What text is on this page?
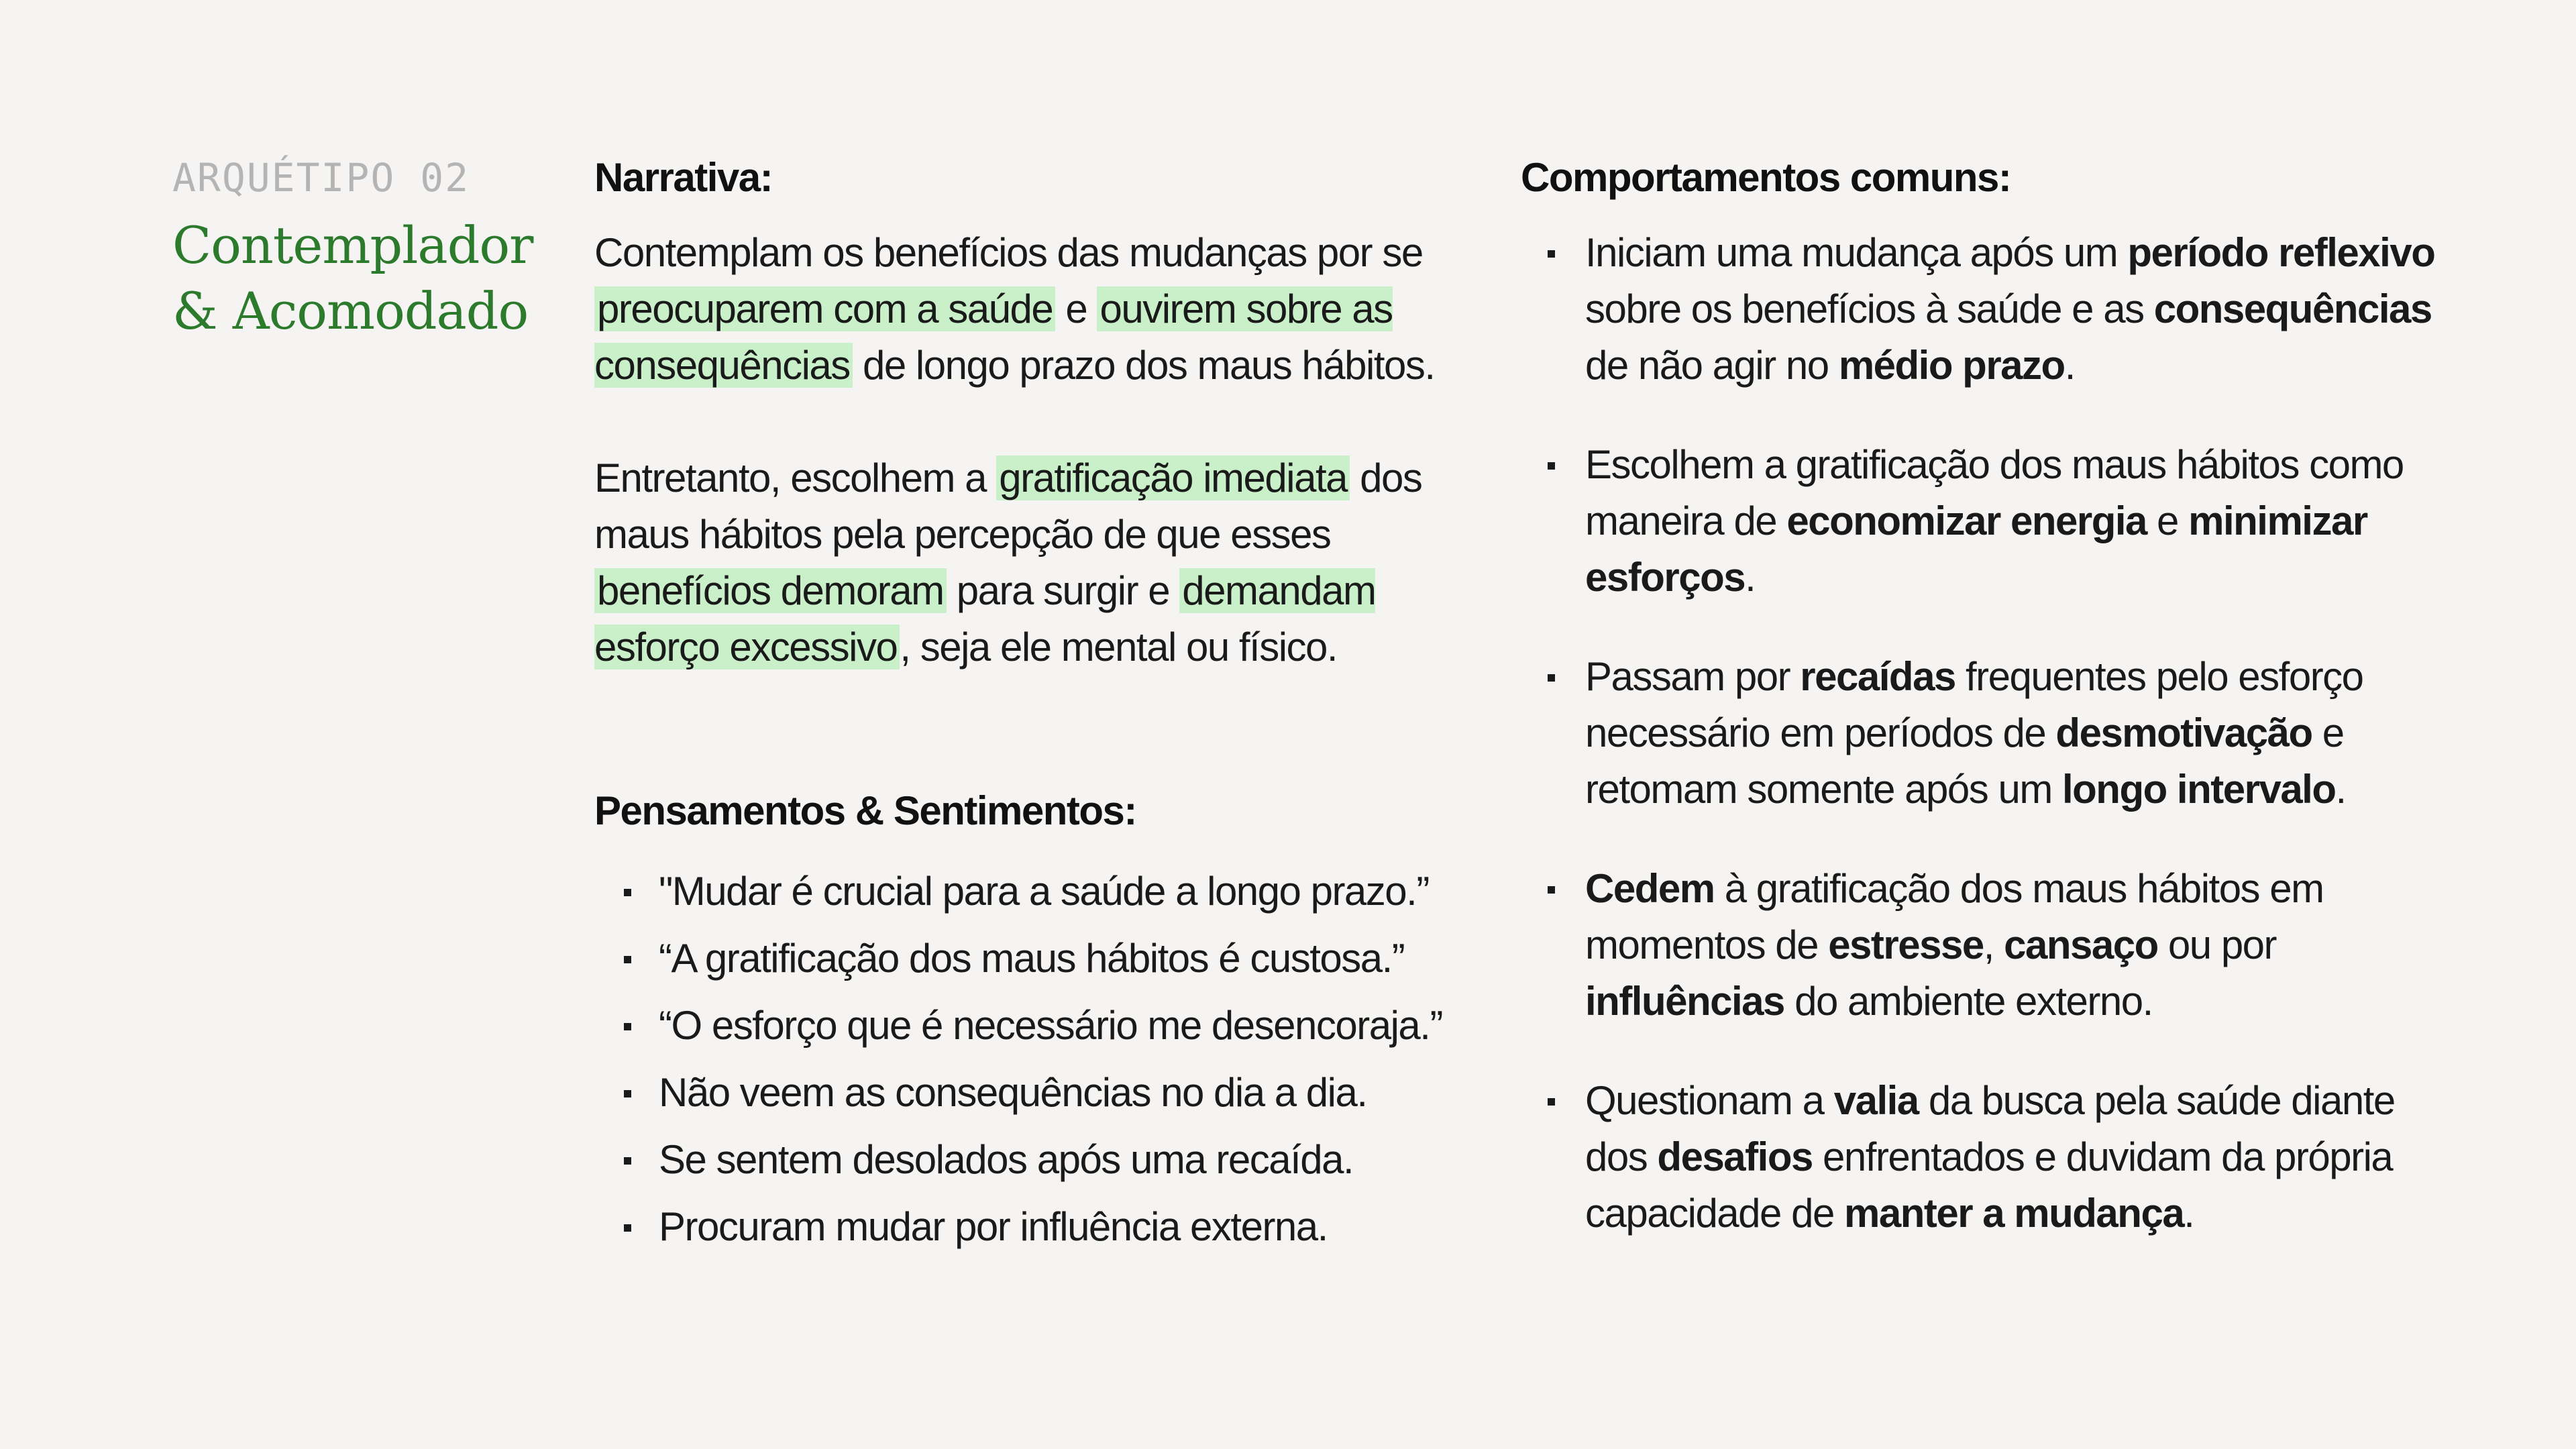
ARQUÉTIPO 02
Contemplador
& Acomodado
Narrativa:

Contemplam os benefícios das mudanças por se preocuparem com a saúde e ouvirem sobre as consequências de longo prazo dos maus hábitos.

Entretanto, escolhem a gratificação imediata dos maus hábitos pela percepção de que esses benefícios demoram para surgir e demandam esforço excessivo, seja ele mental ou físico.

Pensamentos & Sentimentos:
"Mudar é crucial para a saúde a longo prazo.”
“A gratificação dos maus hábitos é custosa.”
“O esforço que é necessário me desencoraja.”
Não veem as consequências no dia a dia.
Se sentem desolados após uma recaída.
Procuram mudar por influência externa.
Comportamentos comuns:
Iniciam uma mudança após um período reflexivo sobre os benefícios à saúde e as consequências de não agir no médio prazo.
Escolhem a gratificação dos maus hábitos como maneira de economizar energia e minimizar esforços.
Passam por recaídas frequentes pelo esforço necessário em períodos de desmotivação e retomam somente após um longo intervalo.
Cedem à gratificação dos maus hábitos em momentos de estresse, cansaço ou por influências do ambiente externo.
Questionam a valia da busca pela saúde diante dos desafios enfrentados e duvidam da própria capacidade de manter a mudança.
